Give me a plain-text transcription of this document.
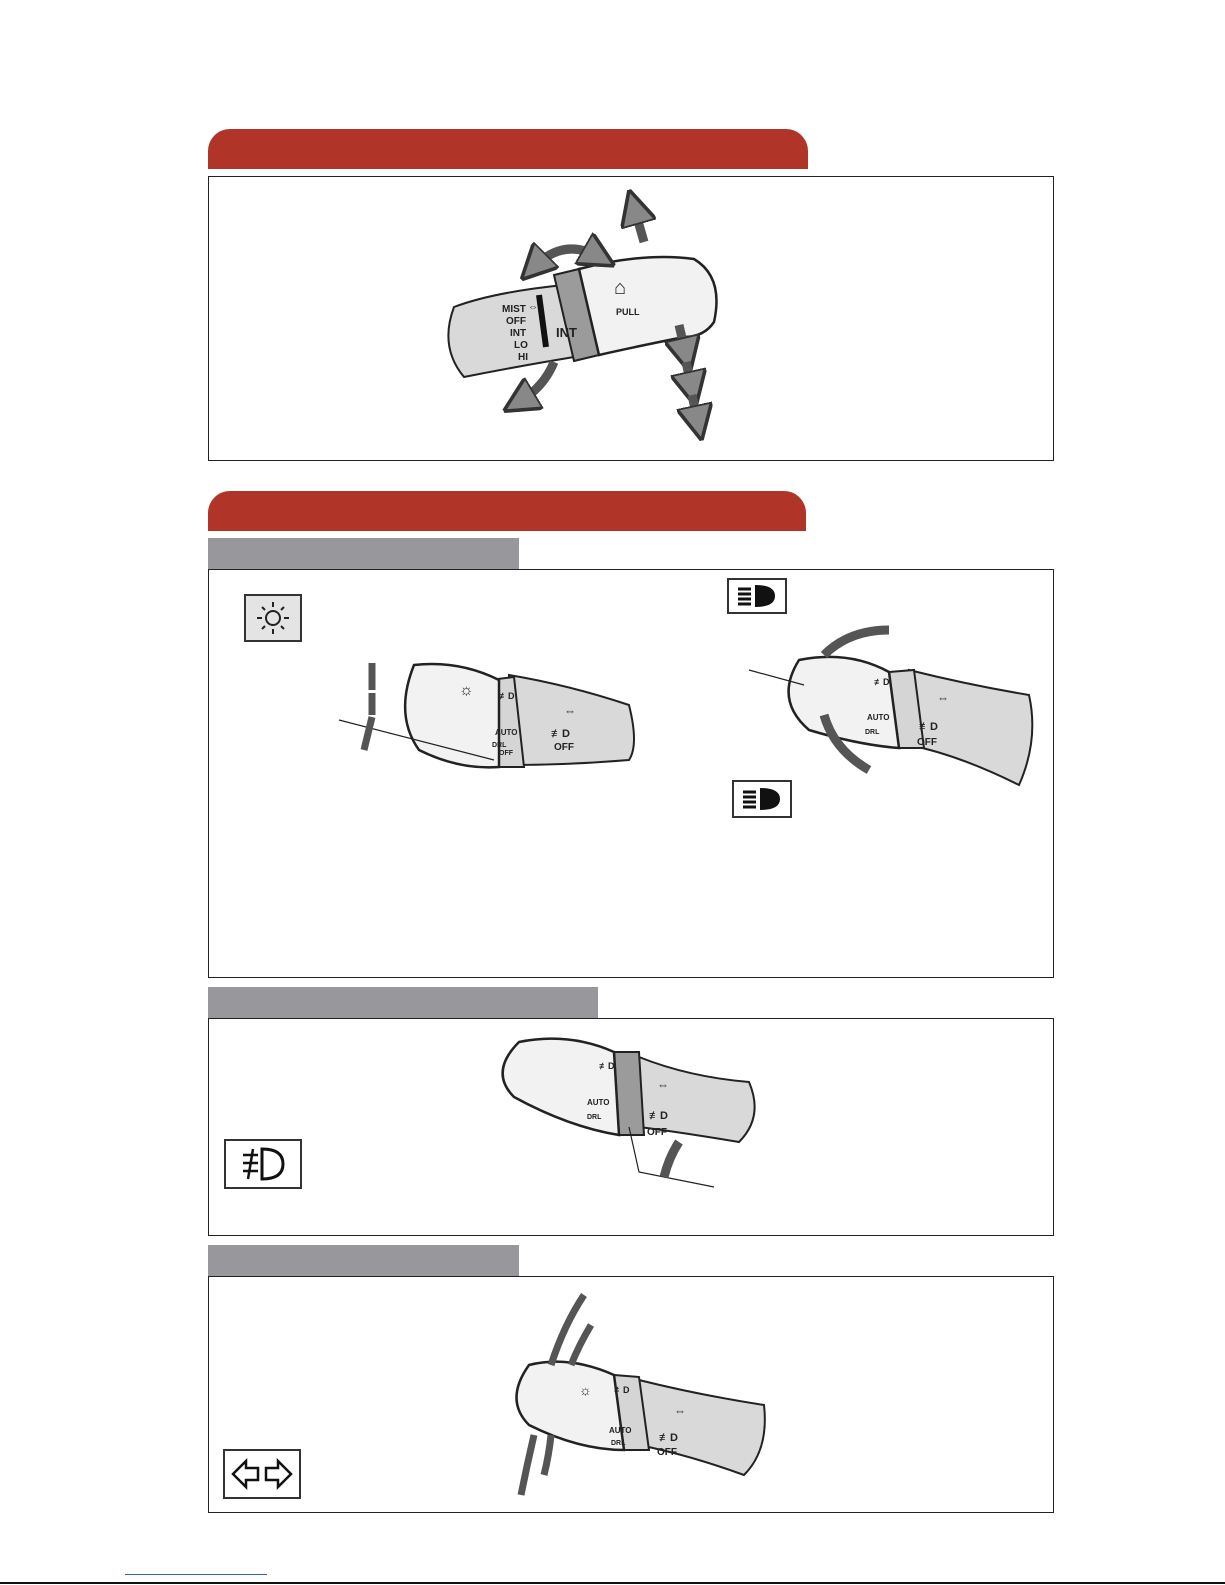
MIST ⇔
OFF
INT
LO
HI
INT
⌂
PULL
☼	≢D
AUTO
DRL
OFF
OFF
≢D
⇔
≢D
AUTO
DRL
OFF
≢D
⇔
≢D
AUTO
DRL
OFF
≢D
⇔
☼ ≢D
AUTO
DRL
OFF
≢D
⇔
